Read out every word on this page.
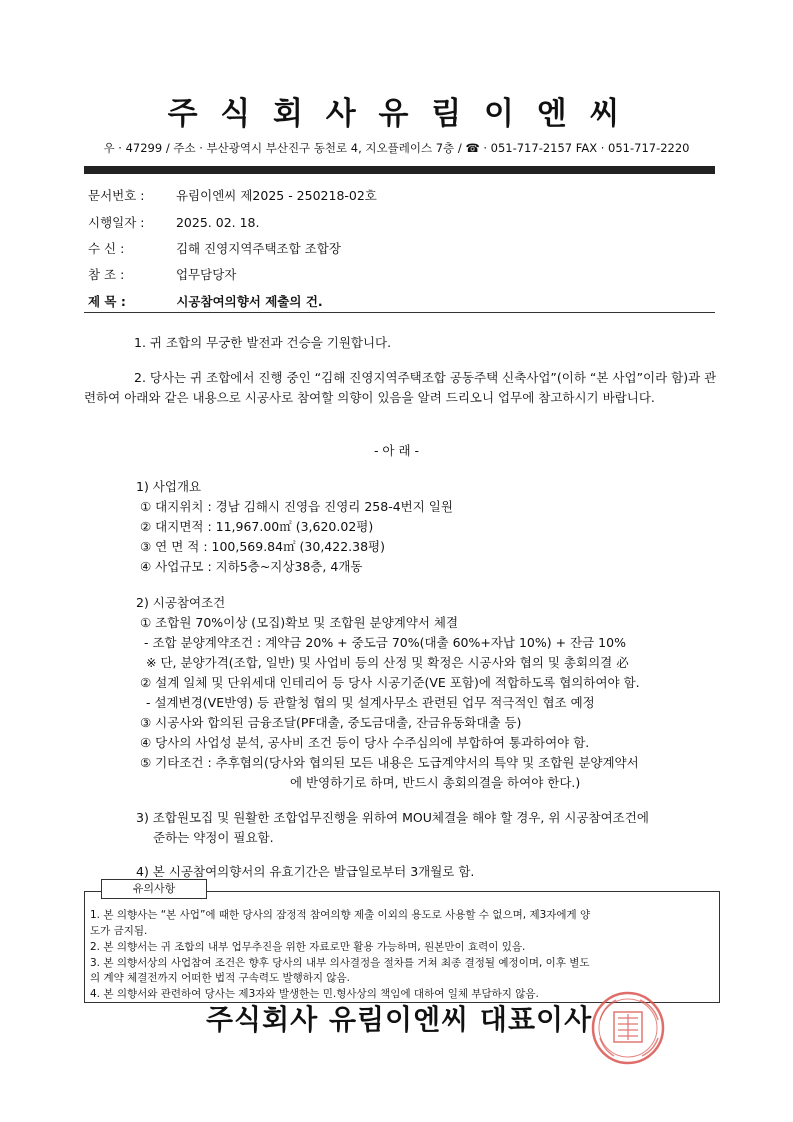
주 식 회 사 유 림 이 엔 씨
우 · 47299 / 주소 · 부산광역시 부산진구 동천로 4, 지오플레이스 7층 / ☎ · 051-717-2157 FAX · 051-717-2220
문서번호 :	유림이엔씨 제2025 - 250218-02호
시행일자 :	2025. 02. 18.
수 신 :	김해 진영지역주택조합 조합장
참 조 :	업무담당자
제 목 :	시공참여의향서 제출의 건.
1. 귀 조합의 무궁한 발전과 건승을 기원합니다.
2. 당사는 귀 조합에서 진행 중인 “김해 진영지역주택조합 공동주택 신축사업”(이하 “본 사업”이라 함)과 관련하여 아래와 같은 내용으로 시공사로 참여할 의향이 있음을 알려 드리오니 업무에 참고하시기 바랍니다.
- 아 래 -
1) 사업개요
① 대지위치 : 경남 김해시 진영읍 진영리 258-4번지 일원
② 대지면적 : 11,967.00㎡ (3,620.02평)
③ 연 면 적 : 100,569.84㎡ (30,422.38평)
④ 사업규모 : 지하5층~지상38층, 4개동
2) 시공참여조건
① 조합원 70%이상 (모집)확보 및 조합원 분양계약서 체결
- 조합 분양계약조건 : 계약금 20% + 중도금 70%(대출 60%+자납 10%) + 잔금 10%
※ 단, 분양가격(조합, 일반) 및 사업비 등의 산정 및 확정은 시공사와 협의 및 총회의결 必
② 설계 일체 및 단위세대 인테리어 등 당사 시공기준(VE 포함)에 적합하도록 협의하여야 함.
- 설계변경(VE반영) 등 관할청 협의 및 설계사무소 관련된 업무 적극적인 협조 예정
③ 시공사와 합의된 금융조달(PF대출, 중도금대출, 잔금유동화대출 등)
④ 당사의 사업성 분석, 공사비 조건 등이 당사 수주심의에 부합하여 통과하여야 함.
⑤ 기타조건 : 추후협의(당사와 협의된 모든 내용은 도급계약서의 특약 및 조합원 분양계약서
에 반영하기로 하며, 반드시 총회의결을 하여야 한다.)
3) 조합원모집 및 원활한 조합업무진행을 위하여 MOU체결을 해야 할 경우, 위 시공참여조건에
준하는 약정이 필요함.
4) 본 시공참여의향서의 유효기간은 발급일로부터 3개월로 함.
유의사항
1. 본 의향사는 “본 사업”에 때한 당사의 잠정적 참여의향 제출 이외의 용도로 사용할 수 없으며, 제3자에게 양
도가 금지됨.
2. 본 의향서는 귀 조합의 내부 업무추진을 위한 자료로만 활용 가능하며, 원본만이 효력이 있음.
3. 본 의향서상의 사업참여 조건은 향후 당사의 내부 의사결정을 절차를 거쳐 최종 결정될 예정이며, 이후 별도
의 계약 체결전까지 어떠한 법적 구속력도 발행하지 않음.
4. 본 의향서와 관련하여 당사는 제3자와 발생한는 민.형사상의 책임에 대하여 일체 부담하지 않음.
주식회사 유림이엔씨 대표이사
